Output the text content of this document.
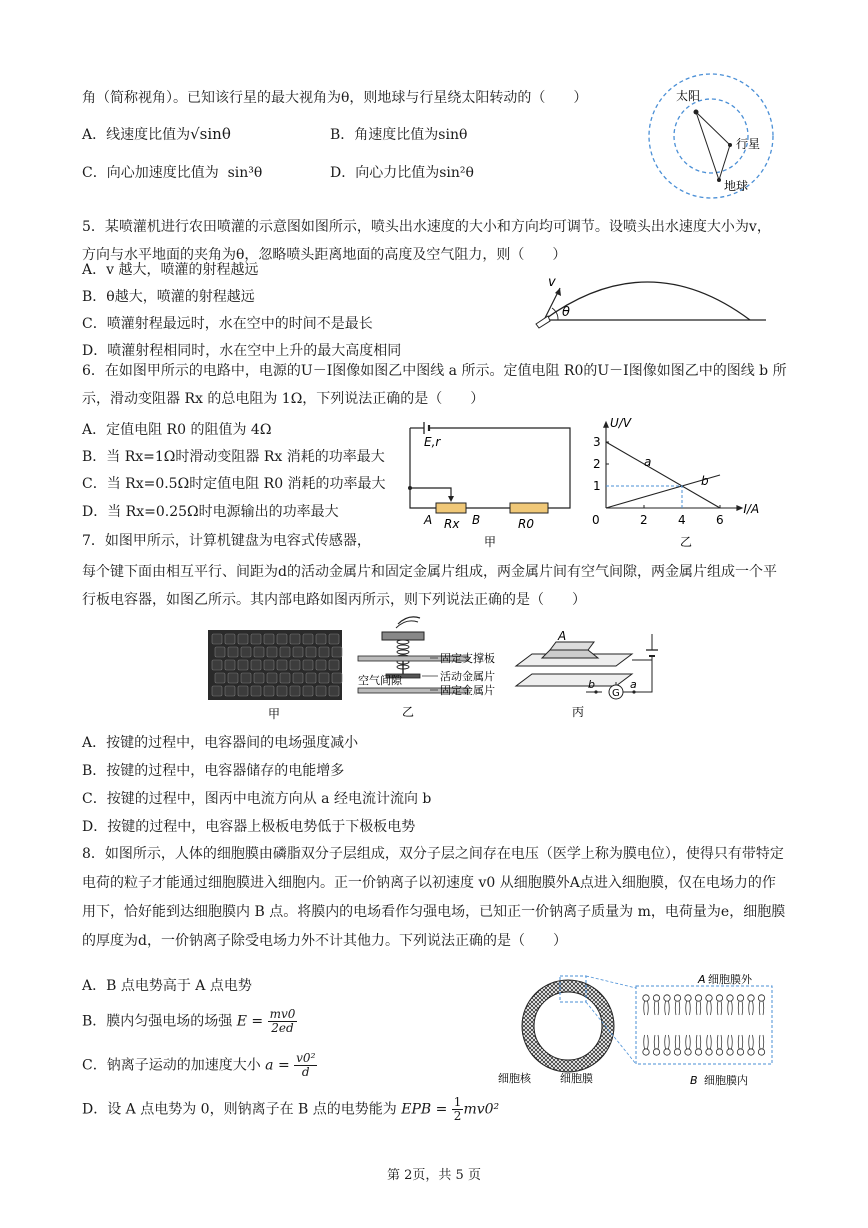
角（简称视角）。已知该行星的最大视角为θ，则地球与行星绕太阳转动的（　　）
A．线速度比值为√sinθ	B．角速度比值为sinθ
C．向心加速度比值为 sin³θ	D．向心力比值为sin²θ
太阳
行星
地球
5．某喷灌机进行农田喷灌的示意图如图所示，喷头出水速度的大小和方向均可调节。设喷头出水速度大小为v，方向与水平地面的夹角为θ，忽略喷头距离地面的高度及空气阻力，则（　　）
A．v 越大，喷灌的射程越远
B．θ越大，喷灌的射程越远
C．喷灌射程最远时，水在空中的时间不是最长
D．喷灌射程相同时，水在空中上升的最大高度相同
v
θ
6．在如图甲所示的电路中，电源的U－I图像如图乙中图线 a 所示。定值电阻 R0的U－I图像如图乙中的图线 b 所示，滑动变阻器 Rx 的总电阻为 1Ω，下列说法正确的是（　　）
A．定值电阻 R0 的阻值为 4Ω
B．当 Rx=1Ω时滑动变阻器 Rx 消耗的功率最大
C．当 Rx=0.5Ω时定值电阻 R0 消耗的功率最大
D．当 Rx=0.25Ω时电源输出的功率最大
E,r
A	B
Rx	R0
甲
0	2	4	6
1
2
3
I/A
U/V
a
b
乙
7．如图甲所示，计算机键盘为电容式传感器，
每个键下面由相互平行、间距为d的活动金属片和固定金属片组成，两金属片间有空气间隙，两金属片组成一个平行板电容器，如图乙所示。其内部电路如图丙所示，则下列说法正确的是（　　）
甲
固定支撑板
空气间隙	活动金属片
固定金属片
乙
A
G
b	a
丙
A．按键的过程中，电容器间的电场强度减小
B．按键的过程中，电容器储存的电能增多
C．按键的过程中，图丙中电流方向从 a 经电流计流向 b
D．按键的过程中，电容器上极板电势低于下极板电势
8．如图所示，人体的细胞膜由磷脂双分子层组成，双分子层之间存在电压（医学上称为膜电位），使得只有带特定电荷的粒子才能通过细胞膜进入细胞内。正一价钠离子以初速度 v0 从细胞膜外A点进入细胞膜，仅在电场力的作用下，恰好能到达细胞膜内 B 点。将膜内的电场看作匀强电场，已知正一价钠离子质量为 m，电荷量为e，细胞膜的厚度为d，一价钠离子除受电场力外不计其他力。下列说法正确的是（　　）
A．B 点电势高于 A 点电势
B．膜内匀强电场的场强 $E = \frac{mv0}{2ed}$
C．钠离子运动的加速度大小 $a = \frac{\text{v0²}}{d}$
D．设 A 点电势为 0，则钠离子在 B 点的电势能为 EPB = $\frac{1}{2} mv0^2$
细胞核	细胞膜
A 细胞膜外
B 细胞膜内
第 2页，共 5 页
